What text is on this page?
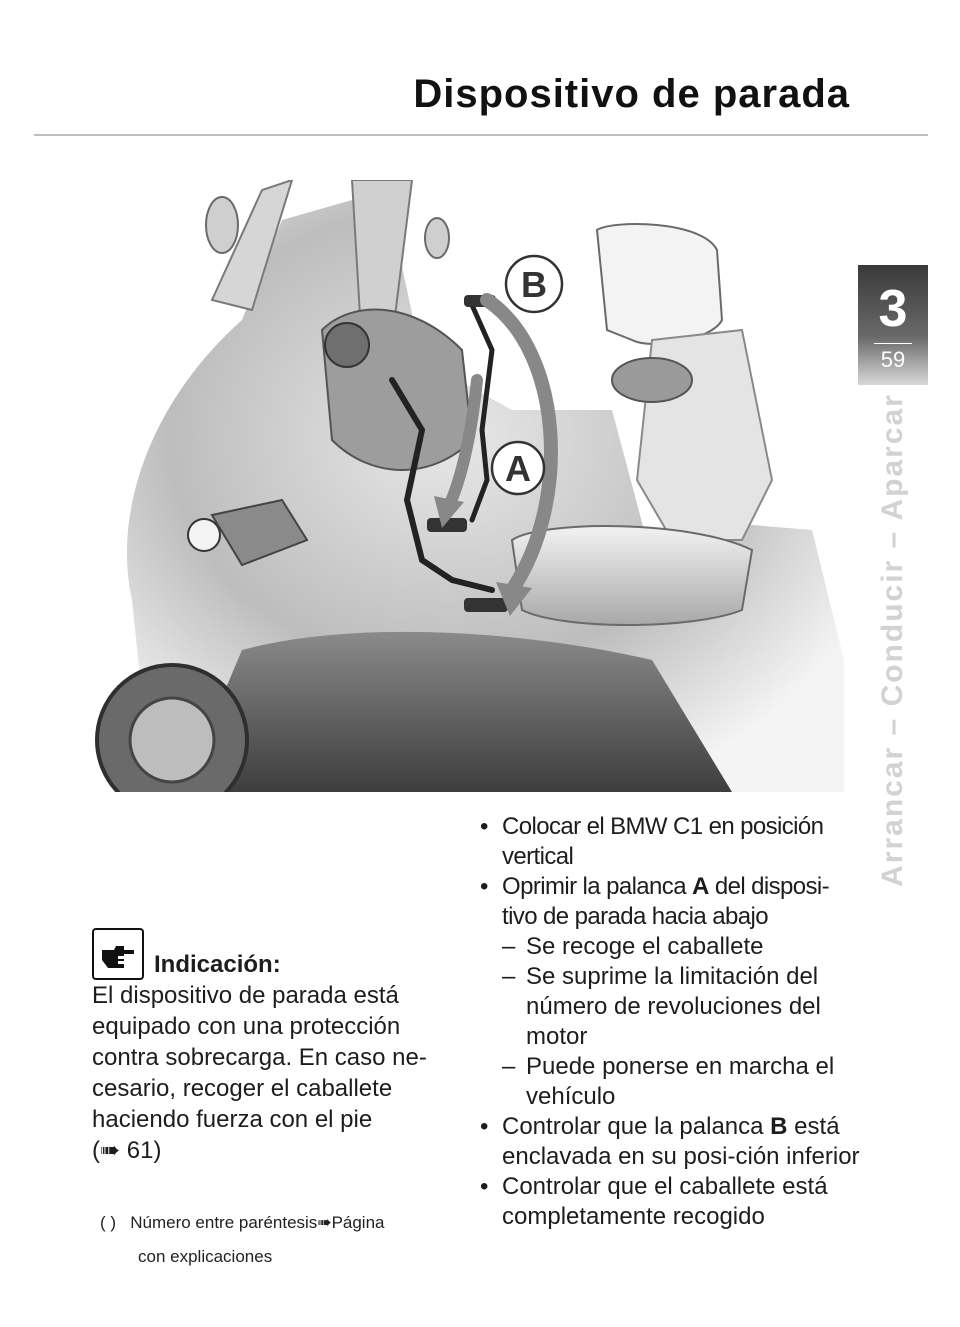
Dispositivo de parada
3
59
Arrancar – Conducir – Aparcar
B
A
• Colocar el BMW C1 en posición vertical
• Oprimir la palanca A del disposi-tivo de parada hacia abajo
– Se recoge el caballete
– Se suprime la limitación del número de revoluciones del motor
– Puede ponerse en marcha el vehículo
• Controlar que la palanca B está enclavada en su posi-ción inferior
• Controlar que el caballete está completamente recogido
Indicación:
El dispositivo de parada está equipado con una protección contra sobrecarga. En caso ne-cesario, recoger el caballete haciendo fuerza con el pie
(➠ 61)
( ) Número entre paréntesis➠Página
con explicaciones
